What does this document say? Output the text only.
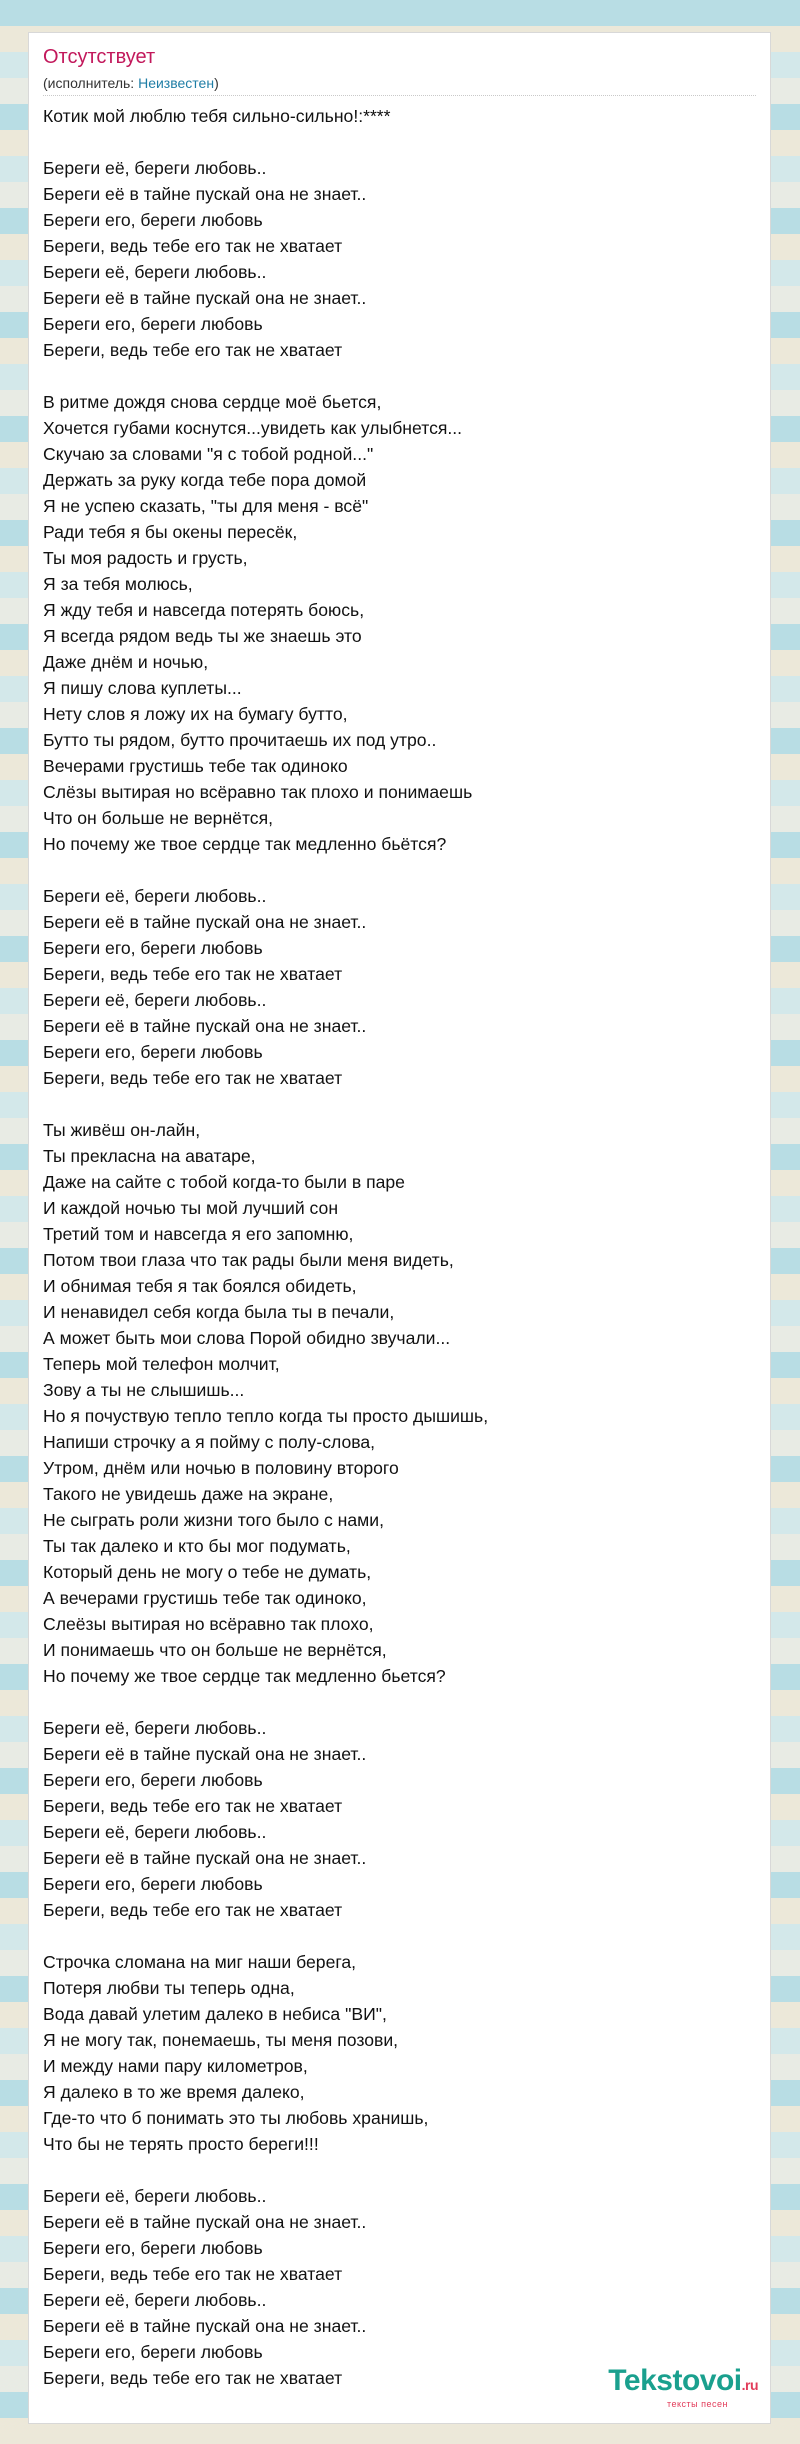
Отсутствует
(исполнитель: Неизвестен)
Котик мой люблю тебя сильно-сильно!:****
Береги её, береги любовь..
Береги её в тайне пускай она не знает..
Береги его, береги любовь
Береги, ведь тебе его так не хватает
Береги её, береги любовь..
Береги её в тайне пускай она не знает..
Береги его, береги любовь
Береги, ведь тебе его так не хватает
В ритме дождя снова сердце моё бьется,
Хочется губами коснутся...увидеть как улыбнется...
Скучаю за словами "я с тобой родной..."
Держать за руку когда тебе пора домой
Я не успею сказать, "ты для меня - всё"
Ради тебя я бы окены пересёк,
Ты моя радость и грусть,
Я за тебя молюсь,
Я жду тебя и навсегда потерять боюсь,
Я всегда рядом ведь ты же знаешь это
Даже днём и ночью,
Я пишу слова куплеты...
Нету слов я ложу их на бумагу бутто,
Бутто ты рядом, бутто прочитаешь их под утро..
Вечерами грустишь тебе так одиноко
Слёзы вытирая но всёравно так плохо и понимаешь
Что он больше не вернётся,
Но почему же твое сердце так медленно бьётся?
Береги её, береги любовь..
Береги её в тайне пускай она не знает..
Береги его, береги любовь
Береги, ведь тебе его так не хватает
Береги её, береги любовь..
Береги её в тайне пускай она не знает..
Береги его, береги любовь
Береги, ведь тебе его так не хватает
Ты живёш он-лайн,
Ты прекласна на аватаре,
Даже на сайте с тобой когда-то были в паре
И каждой ночью ты мой лучший сон
Третий том и навсегда я его запомню,
Потом твои глаза что так рады были меня видеть,
И обнимая тебя я так боялся обидеть,
И ненавидел себя когда была ты в печали,
А может быть мои слова Порой обидно звучали...
Теперь мой телефон молчит,
Зову а ты не слышишь...
Но я почуствую тепло тепло когда ты просто дышишь,
Напиши строчку а я пойму с полу-слова,
Утром, днём или ночью в половину второго
Такого не увидешь даже на экране,
Не сыграть роли жизни того было с нами,
Ты так далеко и кто бы мог подумать,
Который день не могу о тебе не думать,
А вечерами грустишь тебе так одиноко,
Слеёзы вытирая но всёравно так плохо,
И понимаешь что он больше не вернётся,
Но почему же твое сердце так медленно бьется?
Береги её, береги любовь..
Береги её в тайне пускай она не знает..
Береги его, береги любовь
Береги, ведь тебе его так не хватает
Береги её, береги любовь..
Береги её в тайне пускай она не знает..
Береги его, береги любовь
Береги, ведь тебе его так не хватает
Строчка сломана на миг наши берега,
Потеря любви ты теперь одна,
Вода давай улетим далеко в небиса "ВИ",
Я не могу так, понемаешь, ты меня позови,
И между нами пару километров,
Я далеко в то же время далеко,
Где-то что б понимать это ты любовь хранишь,
Что бы не терять просто береги!!!
Береги её, береги любовь..
Береги её в тайне пускай она не знает..
Береги его, береги любовь
Береги, ведь тебе его так не хватает
Береги её, береги любовь..
Береги её в тайне пускай она не знает..
Береги его, береги любовь
Береги, ведь тебе его так не хватает	Tekstovoi.ru
тексты песен
